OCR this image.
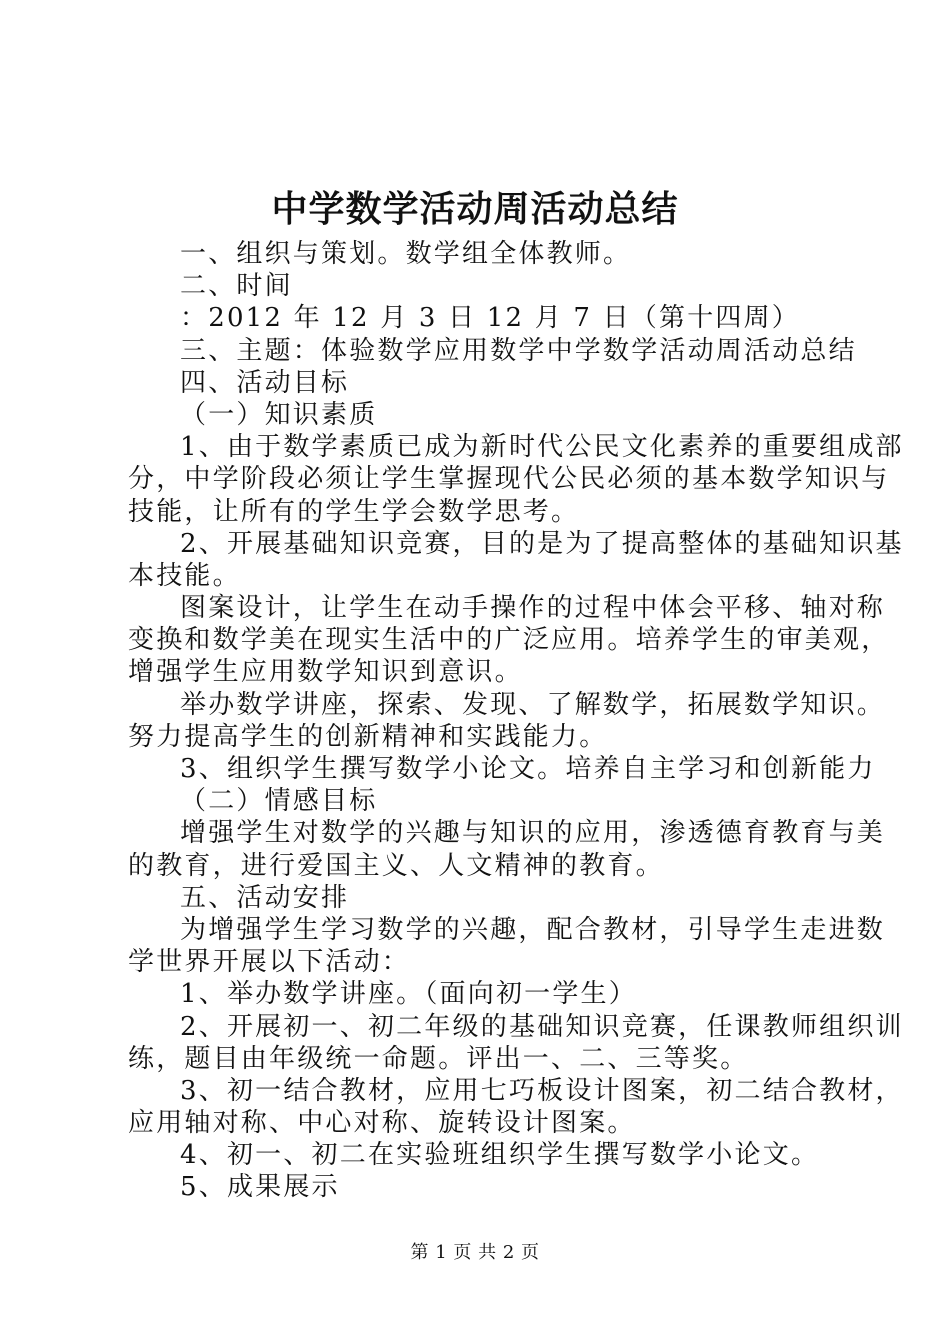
中学数学活动周活动总结
一、组织与策划。数学组全体教师。
二、时间
：2012 年 12 月 3 日 12 月 7 日（第十四周）
三、主题：体验数学应用数学中学数学活动周活动总结
四、活动目标
（一）知识素质
1、由于数学素质已成为新时代公民文化素养的重要组成部
分，中学阶段必须让学生掌握现代公民必须的基本数学知识与
技能，让所有的学生学会数学思考。
2、开展基础知识竞赛，目的是为了提高整体的基础知识基
本技能。
图案设计，让学生在动手操作的过程中体会平移、轴对称
变换和数学美在现实生活中的广泛应用。培养学生的审美观，
增强学生应用数学知识到意识。
举办数学讲座，探索、发现、了解数学，拓展数学知识。
努力提高学生的创新精神和实践能力。
3、组织学生撰写数学小论文。培养自主学习和创新能力
（二）情感目标
增强学生对数学的兴趣与知识的应用，渗透德育教育与美
的教育，进行爱国主义、人文精神的教育。
五、活动安排
为增强学生学习数学的兴趣，配合教材，引导学生走进数
学世界开展以下活动：
1、举办数学讲座。（面向初一学生）
2、开展初一、初二年级的基础知识竞赛，任课教师组织训
练，题目由年级统一命题。评出一、二、三等奖。
3、初一结合教材，应用七巧板设计图案，初二结合教材，
应用轴对称、中心对称、旋转设计图案。
4、初一、初二在实验班组织学生撰写数学小论文。
5、成果展示
第 1 页 共 2 页
